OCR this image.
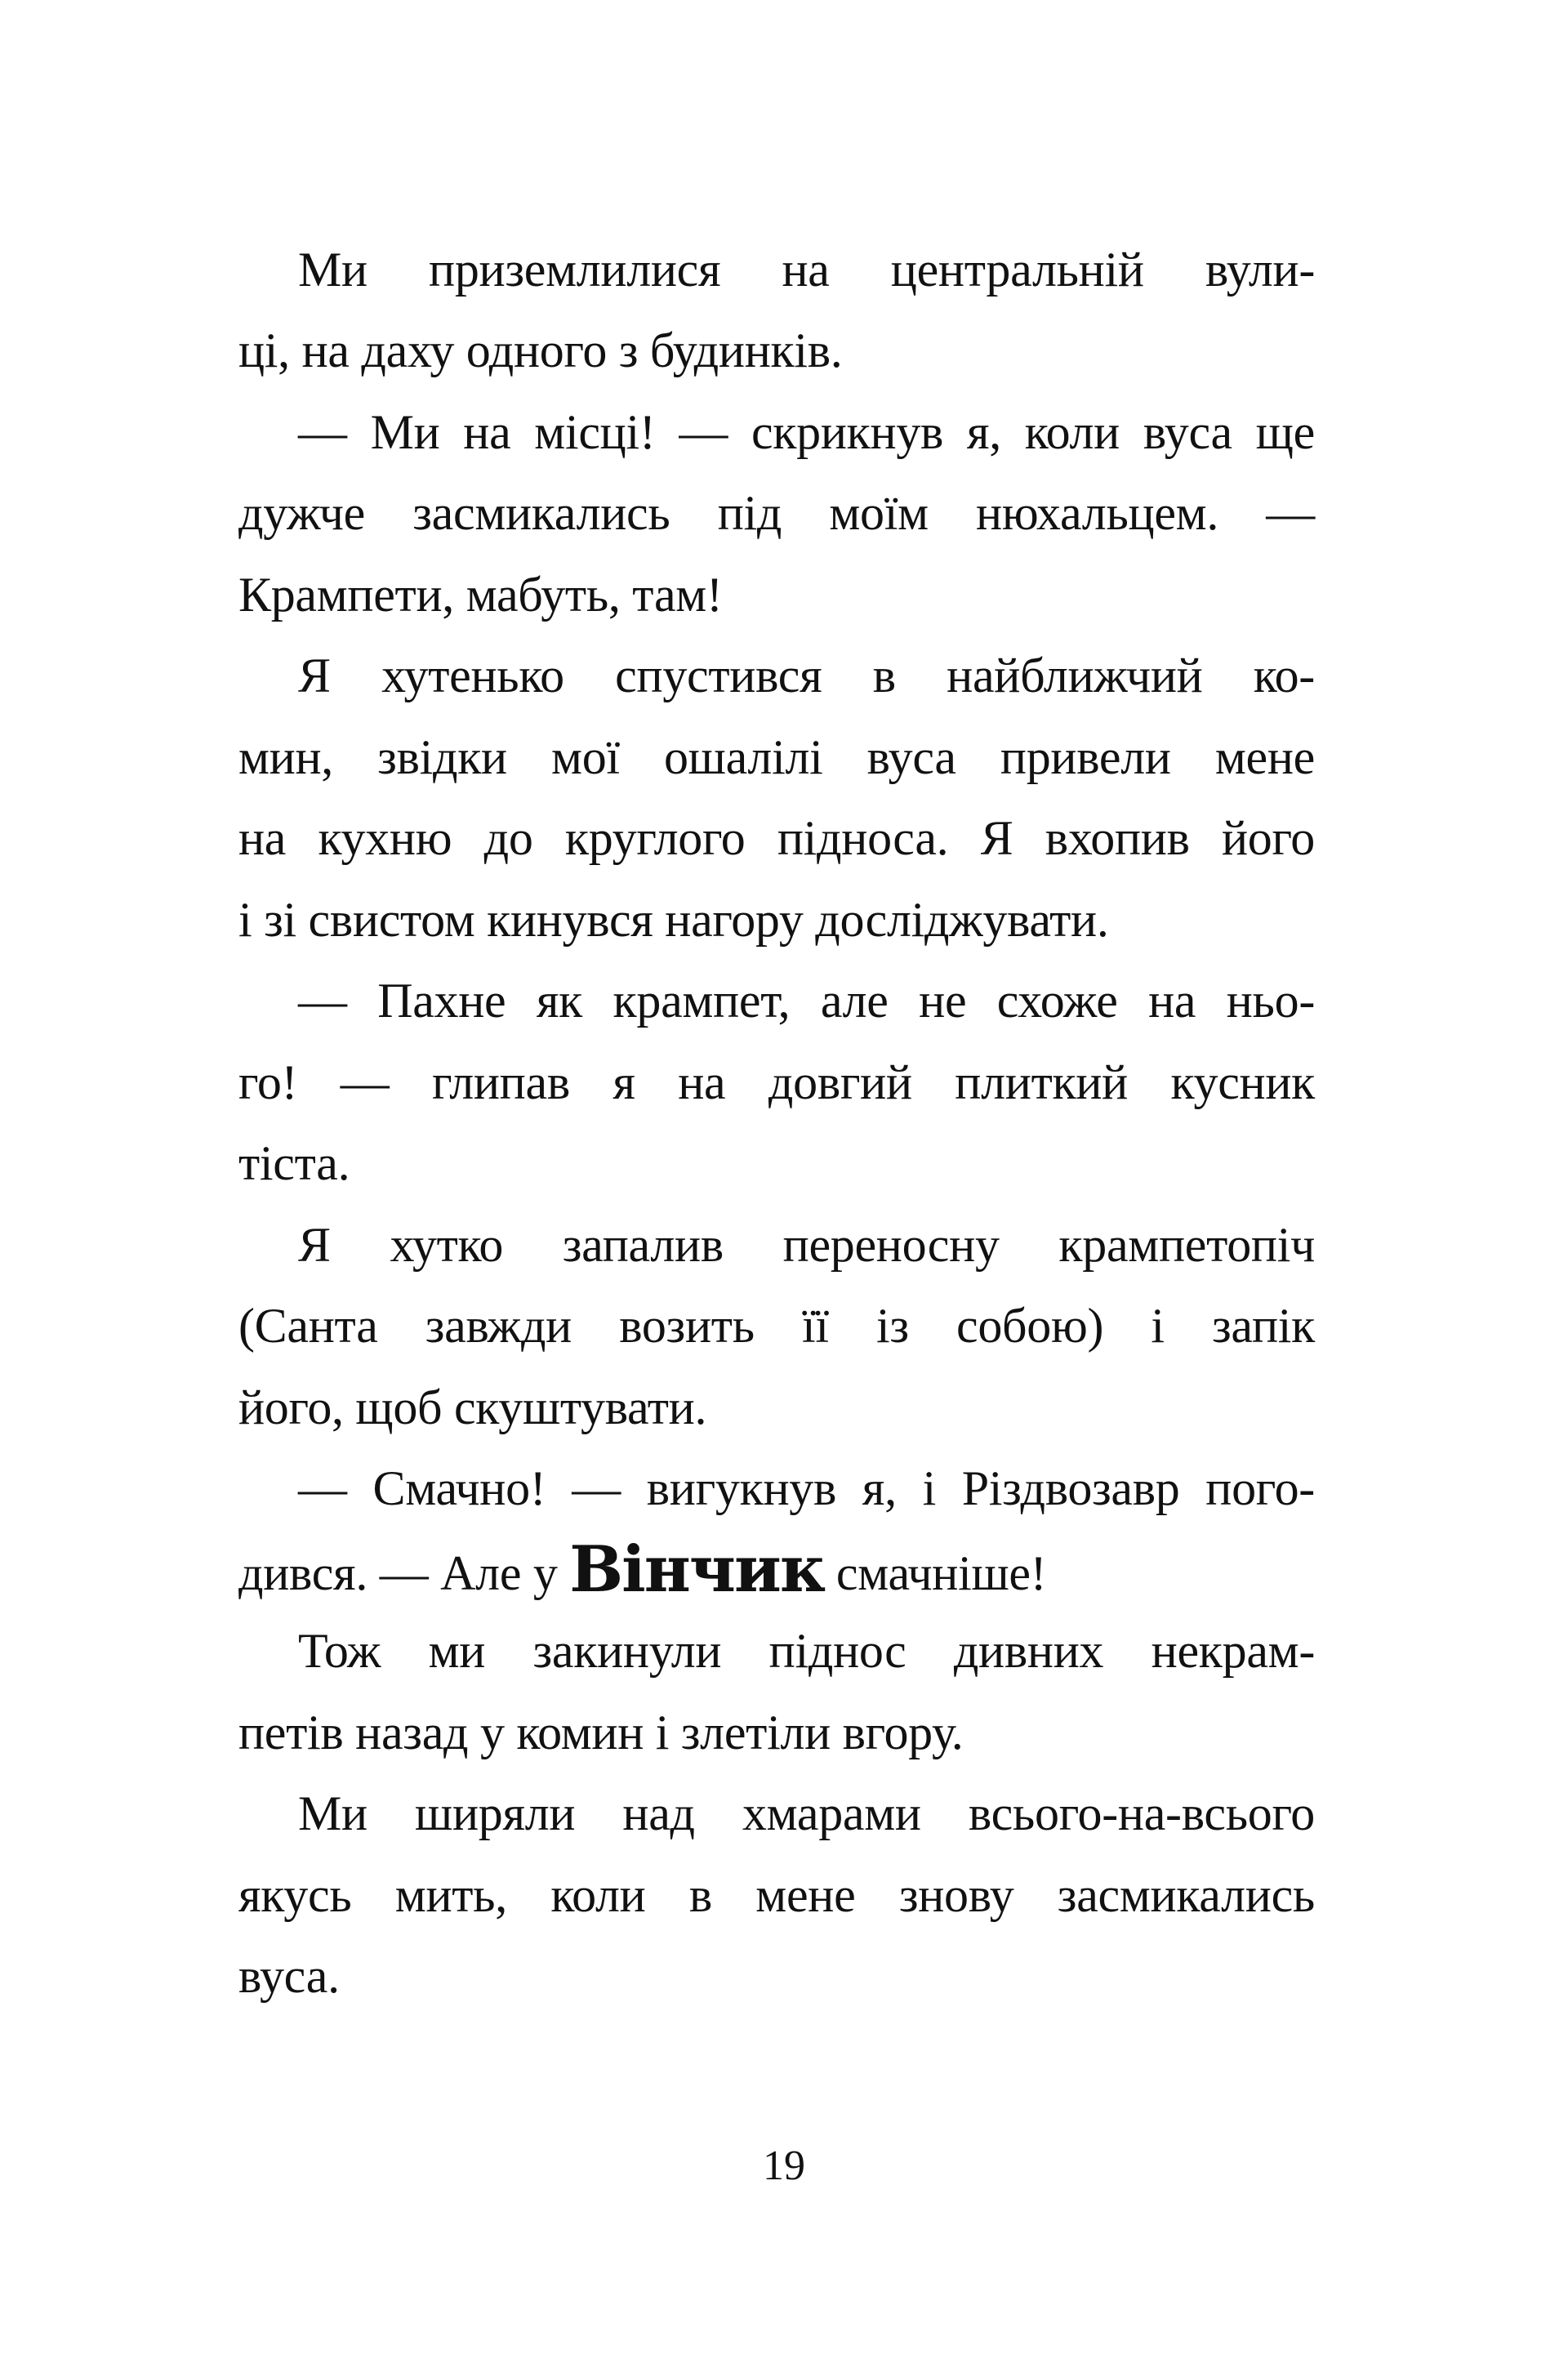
Ми приземлилися на центральній вули-
ці, на даху одного з будинків.
— Ми на місці! — скрикнув я, коли вуса ще
дужче засмикались під моїм нюхальцем. —
Крампети, мабуть, там!
Я хутенько спустився в найближчий ко-
мин, звідки мої ошалілі вуса привели мене
на кухню до круглого підноса. Я вхопив його
і зі свистом кинувся нагору досліджувати.
— Пахне як крампет, але не схоже на ньо-
го! — глипав я на довгий плиткий кусник
тіста.
Я хутко запалив переносну крампетопіч
(Санта завжди возить її із собою) і запік
його, щоб скуштувати.
— Смачно! — вигукнув я, і Різдвозавр пого-
дився. — Але у Вінчик смачніше!
Тож ми закинули піднос дивних некрам-
петів назад у комин і злетіли вгору.
Ми ширяли над хмарами всього-на-всього
якусь мить, коли в мене знову засмикались
вуса.
19
